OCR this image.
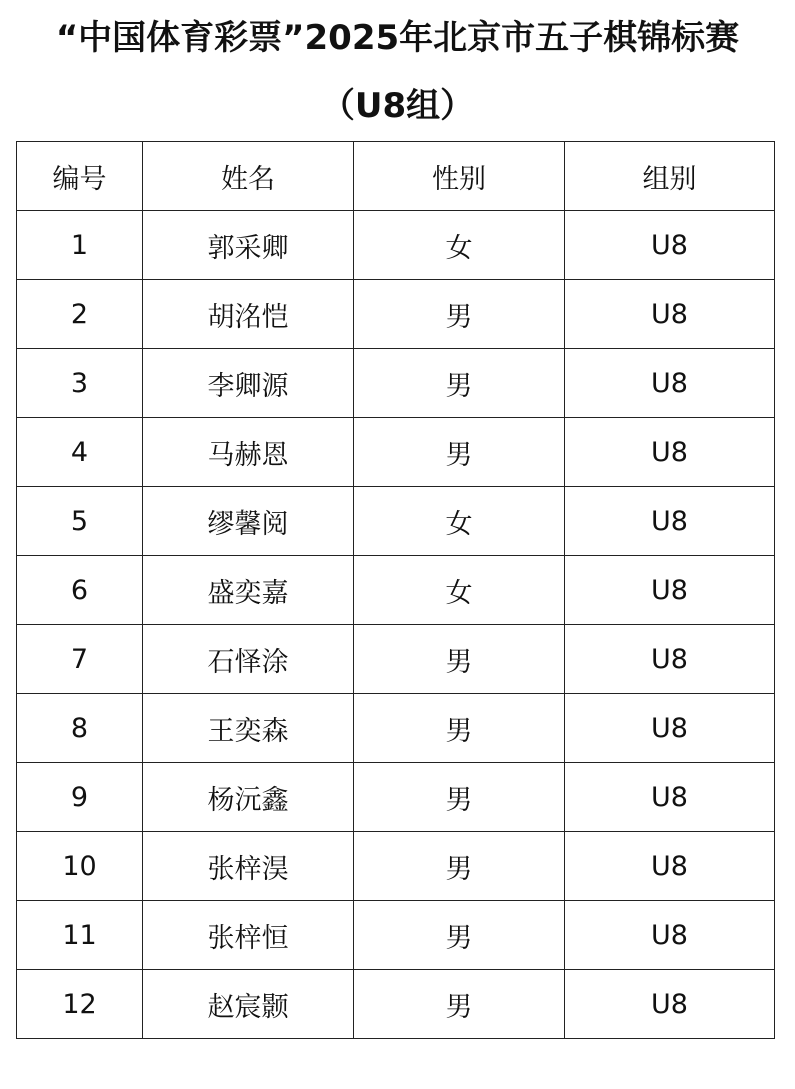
“中国体育彩票”2025年北京市五子棋锦标赛
（U8组）
编号	姓名	性别	组别
1	郭采卿	女	U8
2	胡洺恺	男	U8
3	李卿源	男	U8
4	马赫恩	男	U8
5	缪馨阅	女	U8
6	盛奕嘉	女	U8
7	石怿涂	男	U8
8	王奕森	男	U8
9	杨沅鑫	男	U8
10	张梓淏	男	U8
11	张梓恒	男	U8
12	赵宸颢	男	U8
